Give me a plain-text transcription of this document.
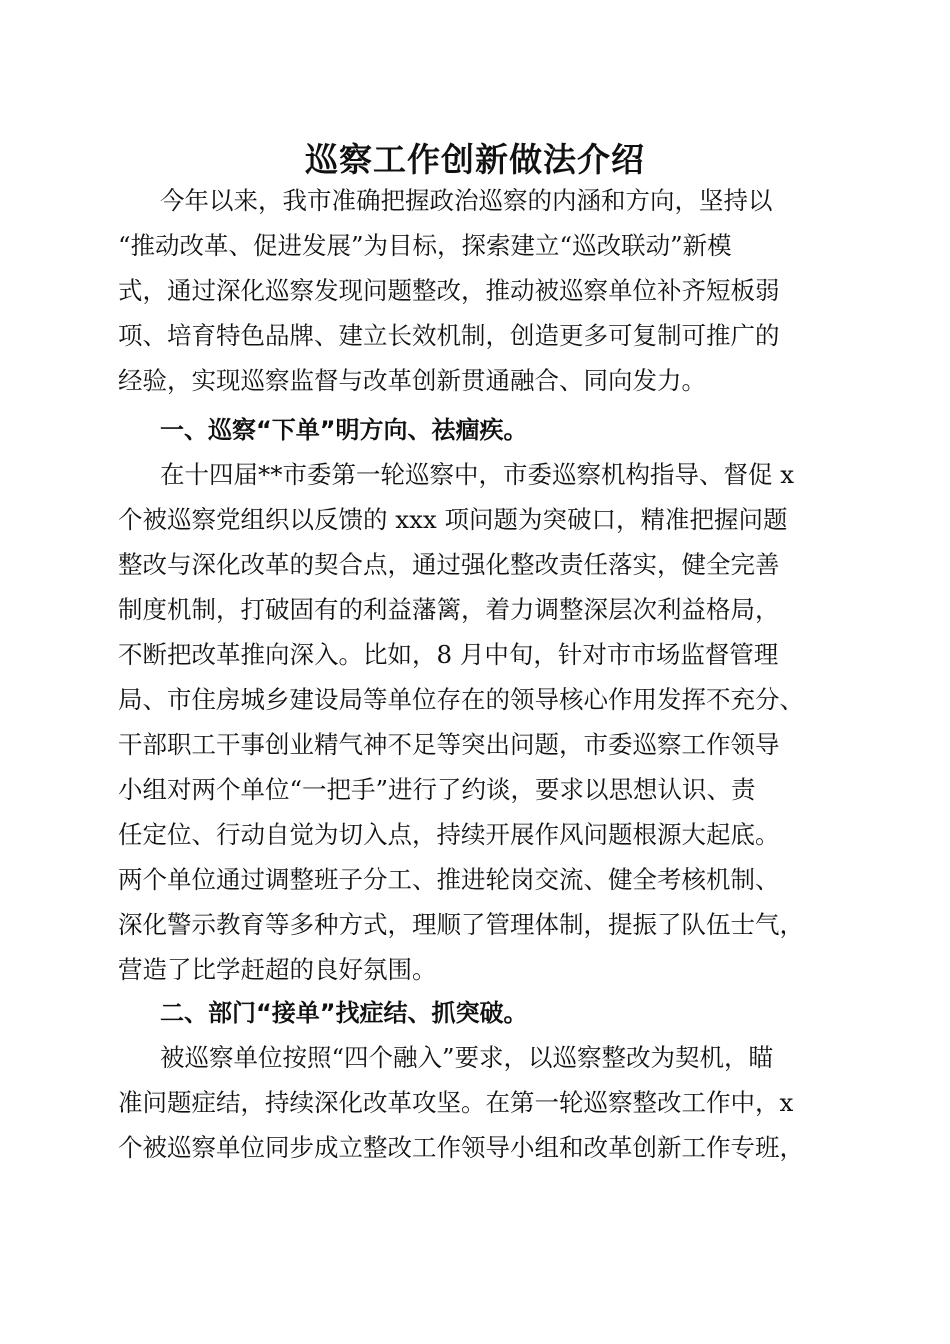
巡察工作创新做法介绍

今年以来，我市准确把握政治巡察的内涵和方向，坚持以

“推动改革、促进发展”为目标，探索建立“巡改联动”新模

式，通过深化巡察发现问题整改，推动被巡察单位补齐短板弱

项、培育特色品牌、建立长效机制，创造更多可复制可推广的

经验，实现巡察监督与改革创新贯通融合、同向发力。

一、巡察“下单”明方向、祛痼疾。

在十四届**市委第一轮巡察中，市委巡察机构指导、督促 x

个被巡察党组织以反馈的 xxx 项问题为突破口，精准把握问题

整改与深化改革的契合点，通过强化整改责任落实，健全完善

制度机制，打破固有的利益藩篱，着力调整深层次利益格局，

不断把改革推向深入。比如，8 月中旬，针对市市场监督管理

局、市住房城乡建设局等单位存在的领导核心作用发挥不充分、

干部职工干事创业精气神不足等突出问题，市委巡察工作领导

小组对两个单位“一把手”进行了约谈，要求以思想认识、责

任定位、行动自觉为切入点，持续开展作风问题根源大起底。

两个单位通过调整班子分工、推进轮岗交流、健全考核机制、

深化警示教育等多种方式，理顺了管理体制，提振了队伍士气，

营造了比学赶超的良好氛围。

二、部门“接单”找症结、抓突破。

被巡察单位按照“四个融入”要求，以巡察整改为契机，瞄

准问题症结，持续深化改革攻坚。在第一轮巡察整改工作中，x

个被巡察单位同步成立整改工作领导小组和改革创新工作专班，
